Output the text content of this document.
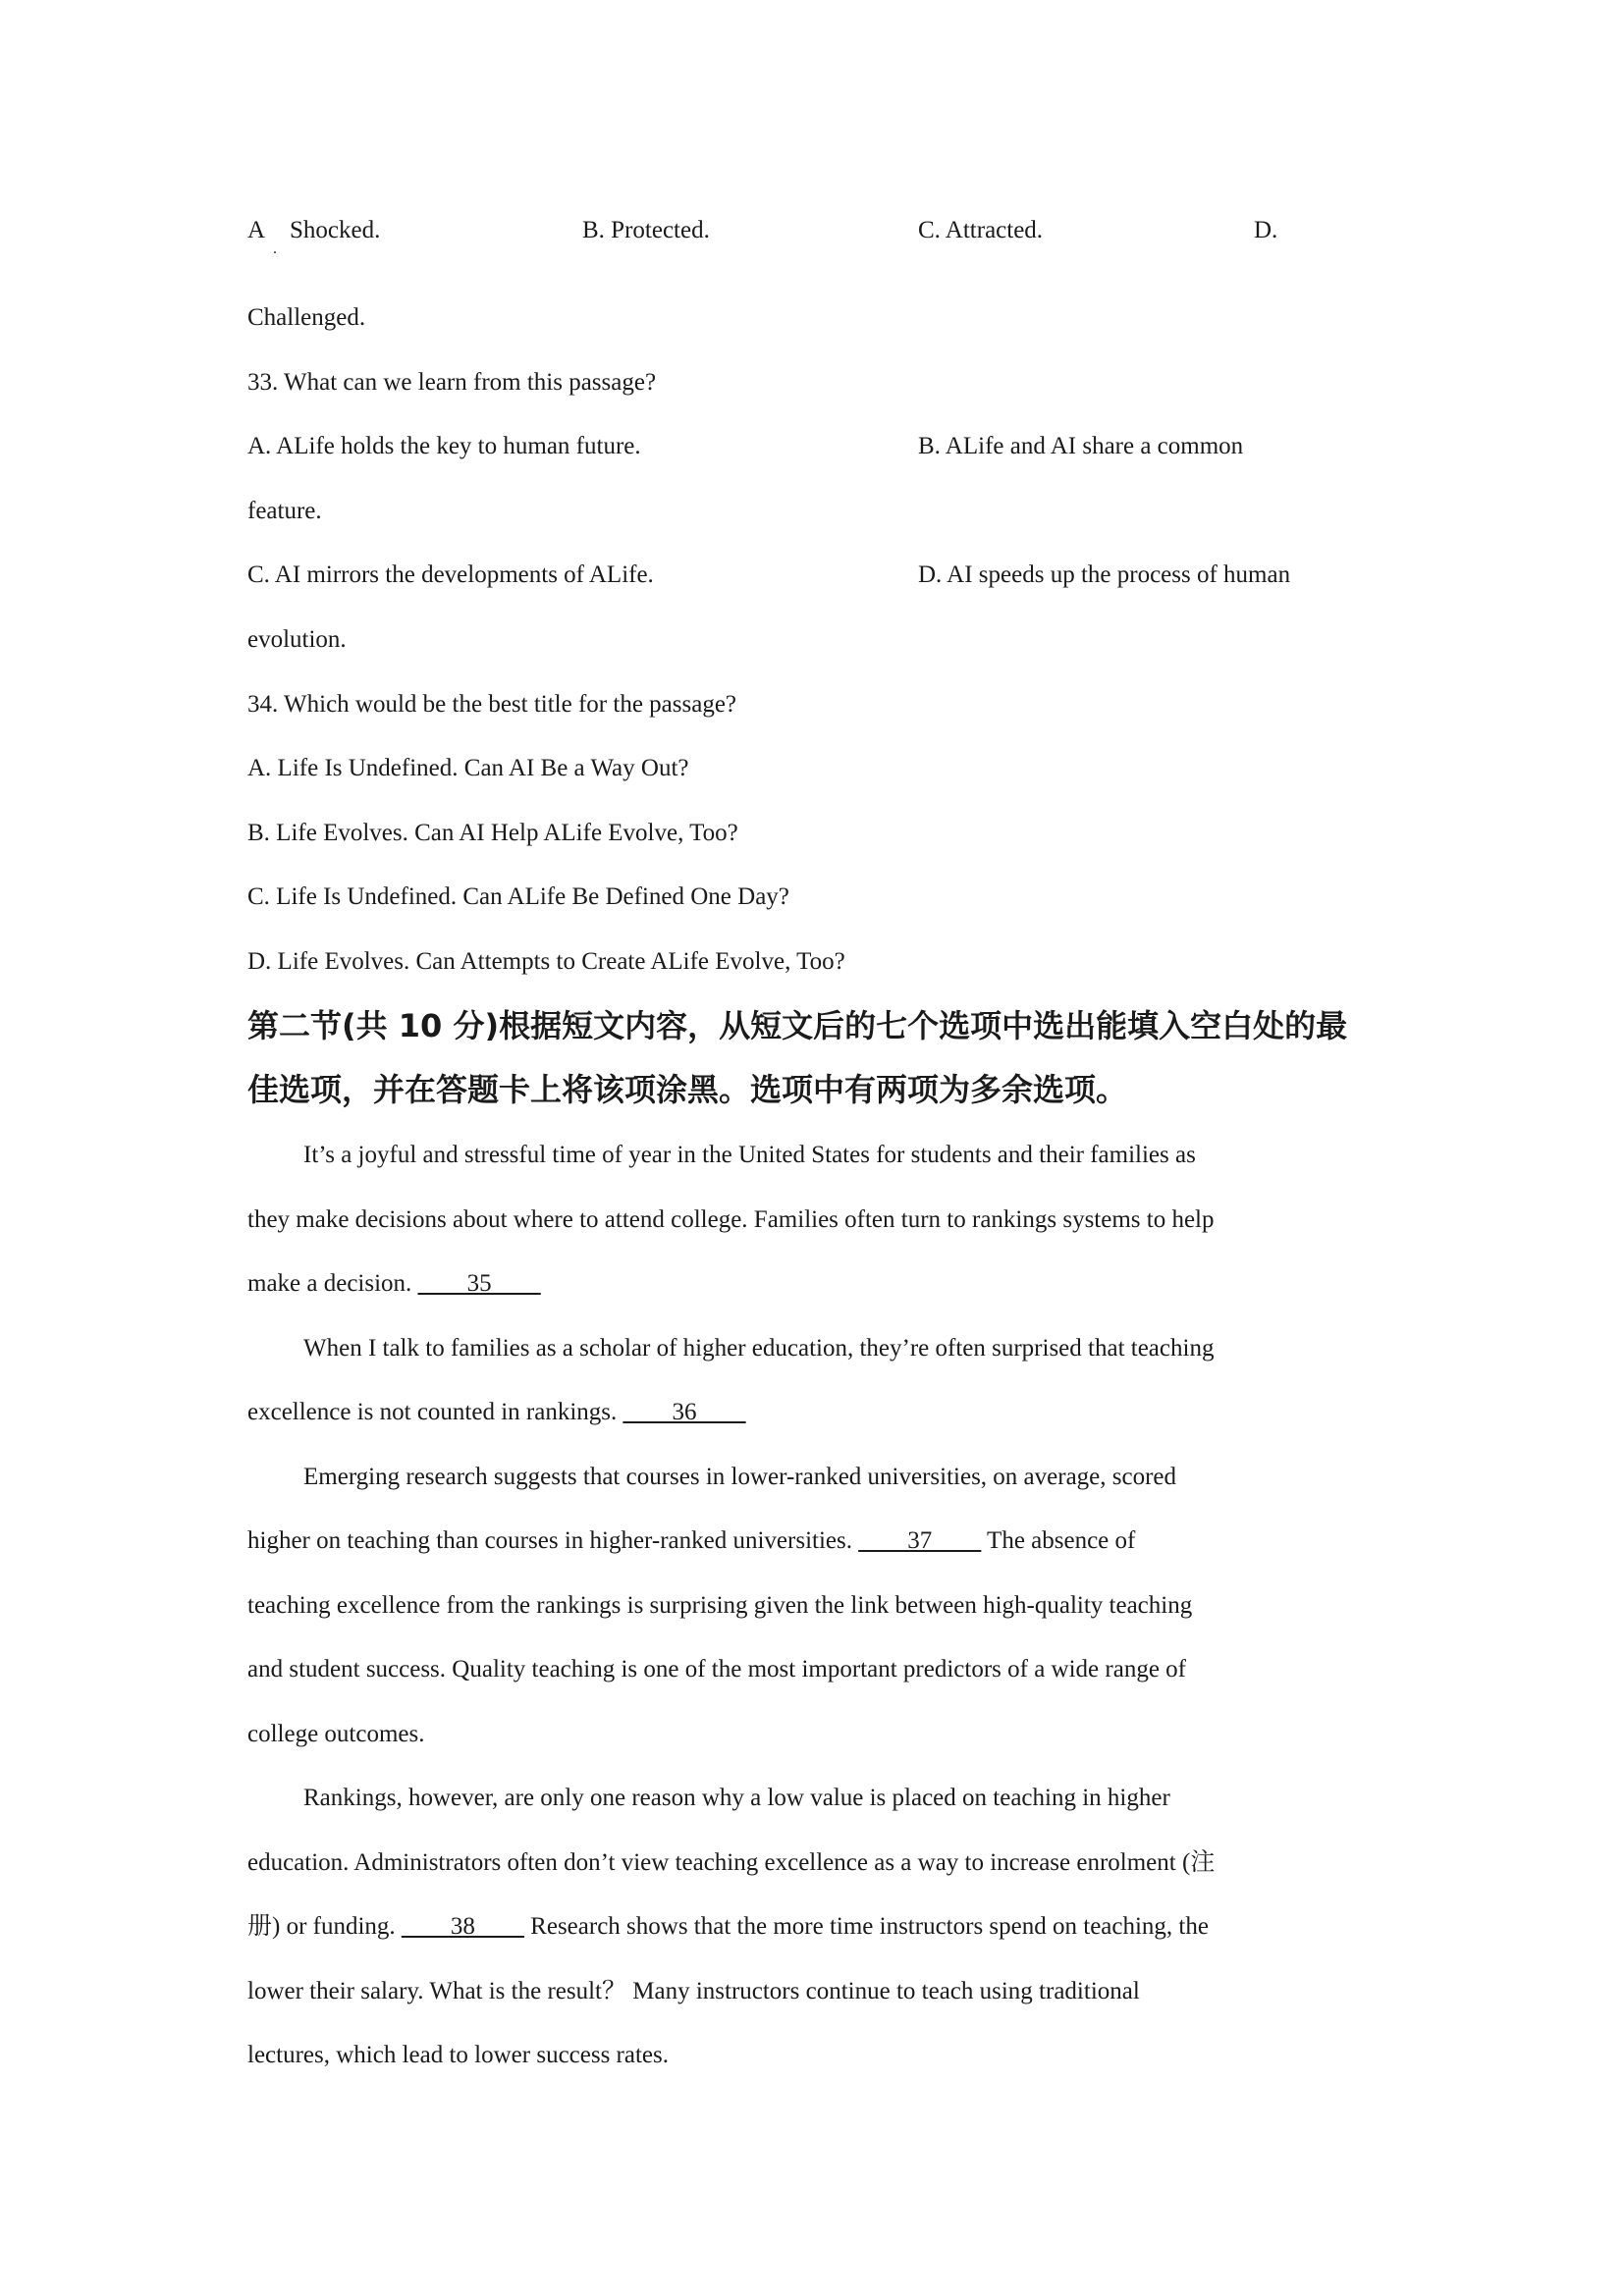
A
.
Shocked.	B. Protected.	C. Attracted.	D.
Challenged.
33. What can we learn from this passage?
A. ALife holds the key to human future.	B. ALife and AI share a common
feature.
C. AI mirrors the developments of ALife.	D. AI speeds up the process of human
evolution.
34. Which would be the best title for the passage?
A. Life Is Undefined. Can AI Be a Way Out?
B. Life Evolves. Can AI Help ALife Evolve, Too?
C. Life Is Undefined. Can ALife Be Defined One Day?
D. Life Evolves. Can Attempts to Create ALife Evolve, Too?
第二节(共 10 分)根据短文内容，从短文后的七个选项中选出能填入空白处的最
佳选项，并在答题卡上将该项涂黑。选项中有两项为多余选项。
It’s a joyful and stressful time of year in the United States for students and their families as
they make decisions about where to attend college. Families often turn to rankings systems to help
make a decision. ____35____
When I talk to families as a scholar of higher education, they’re often surprised that teaching
excellence is not counted in rankings. ____36____
Emerging research suggests that courses in lower-ranked universities, on average, scored
higher on teaching than courses in higher-ranked universities. ____37____ The absence of
teaching excellence from the rankings is surprising given the link between high-quality teaching
and student success. Quality teaching is one of the most important predictors of a wide range of
college outcomes.
Rankings, however, are only one reason why a low value is placed on teaching in higher
education. Administrators often don’t view teaching excellence as a way to increase enrolment (注
册) or funding. ____38____ Research shows that the more time instructors spend on teaching, the
lower their salary. What is the result？ Many instructors continue to teach using traditional
lectures, which lead to lower success rates.
